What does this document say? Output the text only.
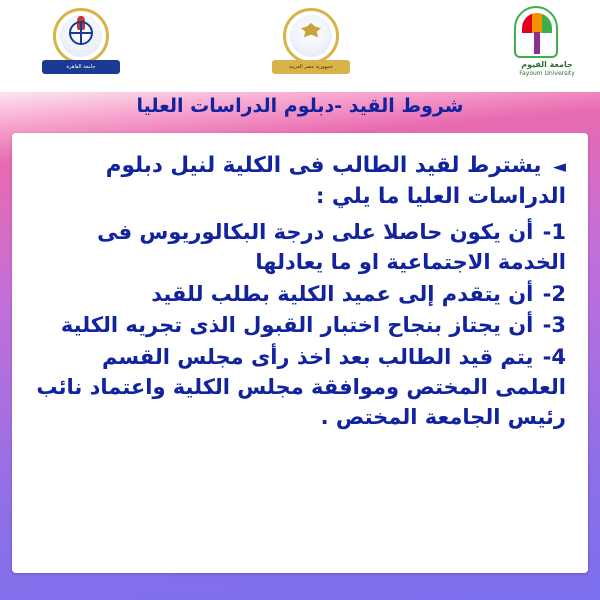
جامعة القاهرة	جمهورية مصر العربية	جامعة الفيوم
Fayoum University
شروط القيد -دبلوم الدراسات العليا

◄ يشترط لقيد الطالب فى الكلية لنيل دبلوم الدراسات العليا ما يلي :

1- أن يكون حاصلا على درجة البكالوريوس فى الخدمة الاجتماعية او ما يعادلها
2- أن يتقدم إلى عميد الكلية بطلب للقيد
3- أن يجتاز بنجاح اختبار القبول الذى تجريه الكلية
4- يتم قيد الطالب بعد اخذ رأى مجلس القسم العلمى المختص وموافقة مجلس الكلية واعتماد نائب رئيس الجامعة المختص .
